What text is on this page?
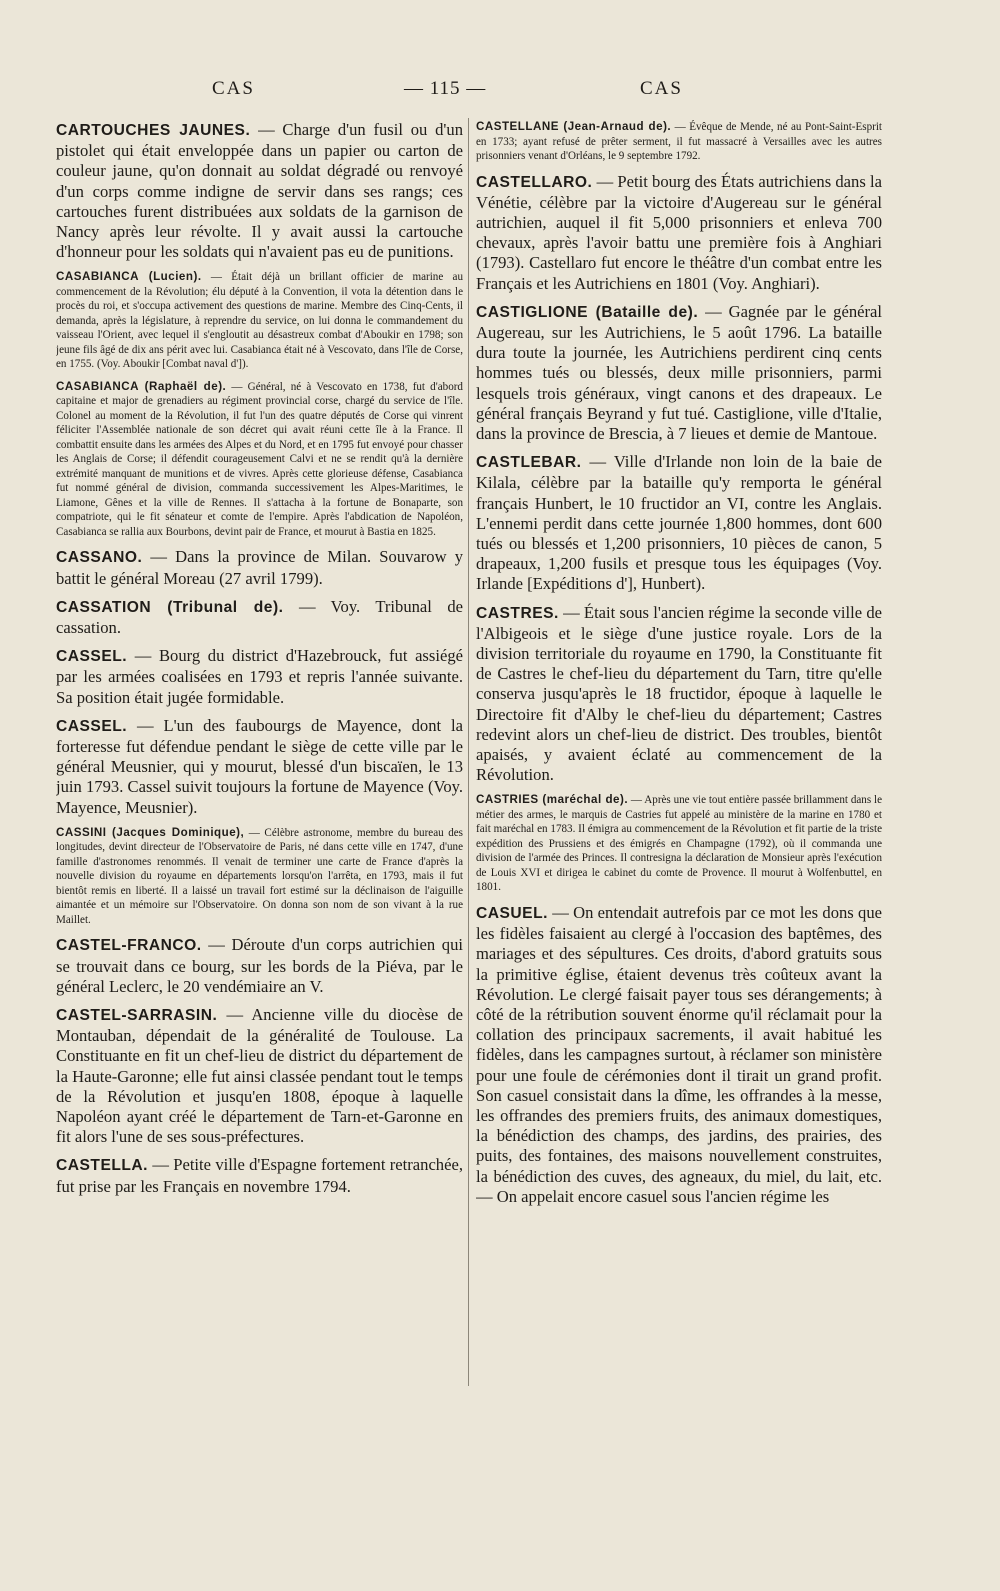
CAS	— 115 —	CAS

CARTOUCHES JAUNES. — Charge d'un fusil ou d'un pistolet qui était enveloppée dans un papier ou carton de couleur jaune, qu'on donnait au soldat dégradé ou renvoyé d'un corps comme indigne de servir dans ses rangs; ces cartouches furent distribuées aux soldats de la garnison de Nancy après leur révolte. Il y avait aussi la cartouche d'honneur pour les soldats qui n'avaient pas eu de punitions.

CASABIANCA (Lucien). — Était déjà un brillant officier de marine au commencement de la Révolution; élu député à la Convention, il vota la détention dans le procès du roi, et s'occupa activement des questions de marine. Membre des Cinq-Cents, il demanda, après la législature, à reprendre du service, on lui donna le commandement du vaisseau l'Orient, avec lequel il s'engloutit au désastreux combat d'Aboukir en 1798; son jeune fils âgé de dix ans périt avec lui. Casabianca était né à Vescovato, dans l'île de Corse, en 1755. (Voy. Aboukir [Combat naval d']).

CASABIANCA (Raphaël de). — Général, né à Vescovato en 1738, fut d'abord capitaine et major de grenadiers au régiment provincial corse, chargé du service de l'île. Colonel au moment de la Révolution, il fut l'un des quatre députés de Corse qui vinrent féliciter l'Assemblée nationale de son décret qui avait réuni cette île à la France. Il combattit ensuite dans les armées des Alpes et du Nord, et en 1795 fut envoyé pour chasser les Anglais de Corse; il défendit courageusement Calvi et ne se rendit qu'à la dernière extrémité manquant de munitions et de vivres. Après cette glorieuse défense, Casabianca fut nommé général de division, commanda successivement les Alpes-Maritimes, le Liamone, Gênes et la ville de Rennes. Il s'attacha à la fortune de Bonaparte, son compatriote, qui le fit sénateur et comte de l'empire. Après l'abdication de Napoléon, Casabianca se rallia aux Bourbons, devint pair de France, et mourut à Bastia en 1825.

CASSANO. — Dans la province de Milan. Souvarow y battit le général Moreau (27 avril 1799).

CASSATION (Tribunal de). — Voy. Tribunal de cassation.

CASSEL. — Bourg du district d'Hazebrouck, fut assiégé par les armées coalisées en 1793 et repris l'année suivante. Sa position était jugée formidable.

CASSEL. — L'un des faubourgs de Mayence, dont la forteresse fut défendue pendant le siège de cette ville par le général Meusnier, qui y mourut, blessé d'un biscaïen, le 13 juin 1793. Cassel suivit toujours la fortune de Mayence (Voy. Mayence, Meusnier).

CASSINI (Jacques Dominique), — Célèbre astronome, membre du bureau des longitudes, devint directeur de l'Observatoire de Paris, né dans cette ville en 1747, d'une famille d'astronomes renommés. Il venait de terminer une carte de France d'après la nouvelle division du royaume en départements lorsqu'on l'arrêta, en 1793, mais il fut bientôt remis en liberté. Il a laissé un travail fort estimé sur la déclinaison de l'aiguille aimantée et un mémoire sur l'Observatoire. On donna son nom de son vivant à la rue Maillet.

CASTEL-FRANCO. — Déroute d'un corps autrichien qui se trouvait dans ce bourg, sur les bords de la Piéva, par le général Leclerc, le 20 vendémiaire an V.

CASTEL-SARRASIN. — Ancienne ville du diocèse de Montauban, dépendait de la généralité de Toulouse. La Constituante en fit un chef-lieu de district du département de la Haute-Garonne; elle fut ainsi classée pendant tout le temps de la Révolution et jusqu'en 1808, époque à laquelle Napoléon ayant créé le département de Tarn-et-Garonne en fit alors l'une de ses sous-préfectures.

CASTELLA. — Petite ville d'Espagne fortement retranchée, fut prise par les Français en novembre 1794.

CASTELLANE (Jean-Arnaud de). — Évêque de Mende, né au Pont-Saint-Esprit en 1733; ayant refusé de prêter serment, il fut massacré à Versailles avec les autres prisonniers venant d'Orléans, le 9 septembre 1792.

CASTELLARO. — Petit bourg des États autrichiens dans la Vénétie, célèbre par la victoire d'Augereau sur le général autrichien, auquel il fit 5,000 prisonniers et enleva 700 chevaux, après l'avoir battu une première fois à Anghiari (1793). Castellaro fut encore le théâtre d'un combat entre les Français et les Autrichiens en 1801 (Voy. Anghiari).

CASTIGLIONE (Bataille de). — Gagnée par le général Augereau, sur les Autrichiens, le 5 août 1796. La bataille dura toute la journée, les Autrichiens perdirent cinq cents hommes tués ou blessés, deux mille prisonniers, parmi lesquels trois généraux, vingt canons et des drapeaux. Le général français Beyrand y fut tué. Castiglione, ville d'Italie, dans la province de Brescia, à 7 lieues et demie de Mantoue.

CASTLEBAR. — Ville d'Irlande non loin de la baie de Kilala, célèbre par la bataille qu'y remporta le général français Hunbert, le 10 fructidor an VI, contre les Anglais. L'ennemi perdit dans cette journée 1,800 hommes, dont 600 tués ou blessés et 1,200 prisonniers, 10 pièces de canon, 5 drapeaux, 1,200 fusils et presque tous les équipages (Voy. Irlande [Expéditions d'], Hunbert).

CASTRES. — Était sous l'ancien régime la seconde ville de l'Albigeois et le siège d'une justice royale. Lors de la division territoriale du royaume en 1790, la Constituante fit de Castres le chef-lieu du département du Tarn, titre qu'elle conserva jusqu'après le 18 fructidor, époque à laquelle le Directoire fit d'Alby le chef-lieu du département; Castres redevint alors un chef-lieu de district. Des troubles, bientôt apaisés, y avaient éclaté au commencement de la Révolution.

CASTRIES (maréchal de). — Après une vie tout entière passée brillamment dans le métier des armes, le marquis de Castries fut appelé au ministère de la marine en 1780 et fait maréchal en 1783. Il émigra au commencement de la Révolution et fit partie de la triste expédition des Prussiens et des émigrés en Champagne (1792), où il commanda une division de l'armée des Princes. Il contresigna la déclaration de Monsieur après l'exécution de Louis XVI et dirigea le cabinet du comte de Provence. Il mourut à Wolfenbuttel, en 1801.

CASUEL. — On entendait autrefois par ce mot les dons que les fidèles faisaient au clergé à l'occasion des baptêmes, des mariages et des sépultures. Ces droits, d'abord gratuits sous la primitive église, étaient devenus très coûteux avant la Révolution. Le clergé faisait payer tous ses dérangements; à côté de la rétribution souvent énorme qu'il réclamait pour la collation des principaux sacrements, il avait habitué les fidèles, dans les campagnes surtout, à réclamer son ministère pour une foule de cérémonies dont il tirait un grand profit. Son casuel consistait dans la dîme, les offrandes à la messe, les offrandes des premiers fruits, des animaux domestiques, la bénédiction des champs, des jardins, des prairies, des puits, des fontaines, des maisons nouvellement construites, la bénédiction des cuves, des agneaux, du miel, du lait, etc. — On appelait encore casuel sous l'ancien régime les
